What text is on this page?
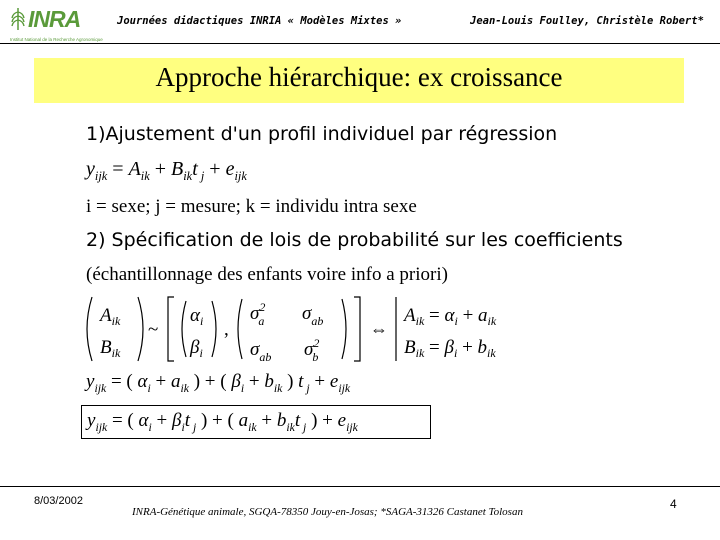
INRA
Institut National de la Recherche Agronomique
Journées didactiques INRIA « Modèles Mixtes »	Jean-Louis Foulley, Christèle Robert*
Approche hiérarchique: ex croissance
1)Ajustement d'un profil individuel par régression
$y_{ijk} = A_{ik} + B_{ik}t$ $_j + e_{ijk}$
i = sexe; j = mesure; k = individu intra sexe
2) Spécification de lois de probabilité sur les coefficients
(échantillonnage des enfants voire info a priori)
$A_{ik}$
$B_{ik}$
~
$\alpha_i$
$\beta_i$
,
$\sigma^2$ a $\sigma_{ab}$
$\sigma_{ab}$ $\sigma^2$ b
⇔
$A_{ik} = \alpha_i + a_{ik}$
$B_{ik} = \beta_i + b_{ik}$
$y_{ijk}$ = ( $\alpha_i + a_{ik}$ ) + ( $\beta_i + b_{ik}$ ) t $_j + e_{ijk}$
$y_{ijk}$ = ( $\alpha_i + \beta_it$ $_j$ ) + ( $a_{ik} + b_{ik}t$ $_j$ ) + $e_{ijk}$
8/03/2002
INRA-Génétique animale, SGQA-78350 Jouy-en-Josas; *SAGA-31326 Castanet Tolosan
4
